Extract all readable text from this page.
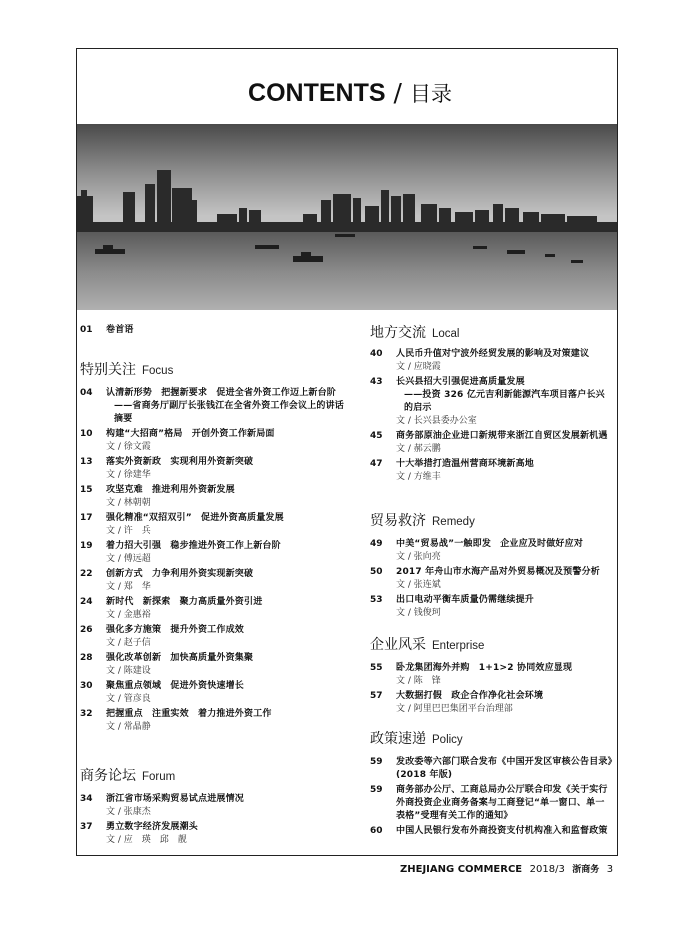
CONTENTS / 目录
01	卷首语
特别关注 Focus
04	认清新形势　把握新要求　促进全省外资工作迈上新台阶
——省商务厅副厅长张钱江在全省外资工作会议上的讲话摘要
10	构建“大招商”格局　开创外资工作新局面
文 / 徐文霞
13	落实外资新政　实现利用外资新突破
文 / 徐建华
15	攻坚克难　推进利用外资新发展
文 / 林朝朝
17	强化精准“双招双引”　促进外资高质量发展
文 / 许　兵
19	着力招大引强　稳步推进外资工作上新台阶
文 / 傅远超
22	创新方式　力争利用外资实现新突破
文 / 郑　华
24	新时代　新探索　聚力高质量外资引进
文 / 金惠裕
26	强化多方施策　提升外资工作成效
文 / 赵子信
28	强化改革创新　加快高质量外资集聚
文 / 陈建设
30	聚焦重点领域　促进外资快速增长
文 / 管彦良
32	把握重点　注重实效　着力推进外资工作
文 / 常晶静
商务论坛 Forum
34	浙江省市场采购贸易试点进展情况
文 / 张康杰
37	勇立数字经济发展潮头
文 / 应　瑛　邱　靓
地方交流 Local
40	人民币升值对宁波外经贸发展的影响及对策建议
文 / 应晓霞
43	长兴县招大引强促进高质量发展
——投资 326 亿元吉利新能源汽车项目落户长兴的启示
文 / 长兴县委办公室
45	商务部原油企业进口新规带来浙江自贸区发展新机遇
文 / 郝云鹏
47	十大举措打造温州营商环境新高地
文 / 方维丰
贸易救济 Remedy
49	中美“贸易战”一触即发　企业应及时做好应对
文 / 张向亮
50	2017 年舟山市水海产品对外贸易概况及预警分析
文 / 张连斌
53	出口电动平衡车质量仍需继续提升
文 / 钱俊珂
企业风采 Enterprise
55	卧龙集团海外并购　1+1>2 协同效应显现
文 / 陈　锋
57	大数据打假　政企合作净化社会环境
文 / 阿里巴巴集团平台治理部
政策速递 Policy
59	发改委等六部门联合发布《中国开发区审核公告目录》(2018 年版)
59	商务部办公厅、工商总局办公厅联合印发《关于实行外商投资企业商务备案与工商登记“单一窗口、单一表格”受理有关工作的通知》
60	中国人民银行发布外商投资支付机构准入和监督政策
ZHEJIANG COMMERCE 2018/3 浙商务 3
